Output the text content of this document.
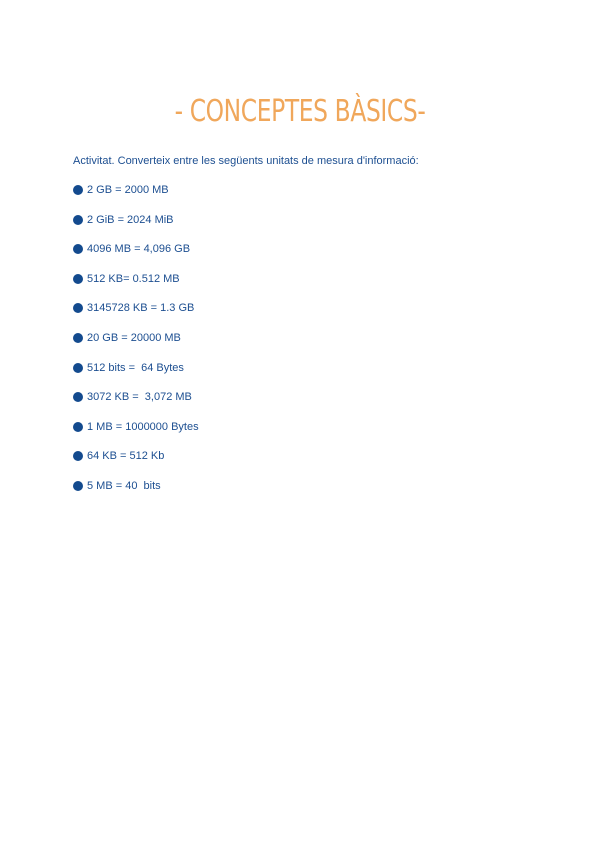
- CONCEPTES BÀSICS-

Activitat. Converteix entre les següents unitats de mesura d'informació:

2 GB = 2000 MB
2 GiB = 2024 MiB
4096 MB = 4,096 GB
512 KB= 0.512 MB
3145728 KB = 1.3 GB
20 GB = 20000 MB
512 bits =  64 Bytes
3072 KB =  3,072 MB
1 MB = 1000000 Bytes
64 KB = 512 Kb
5 MB = 40  bits
